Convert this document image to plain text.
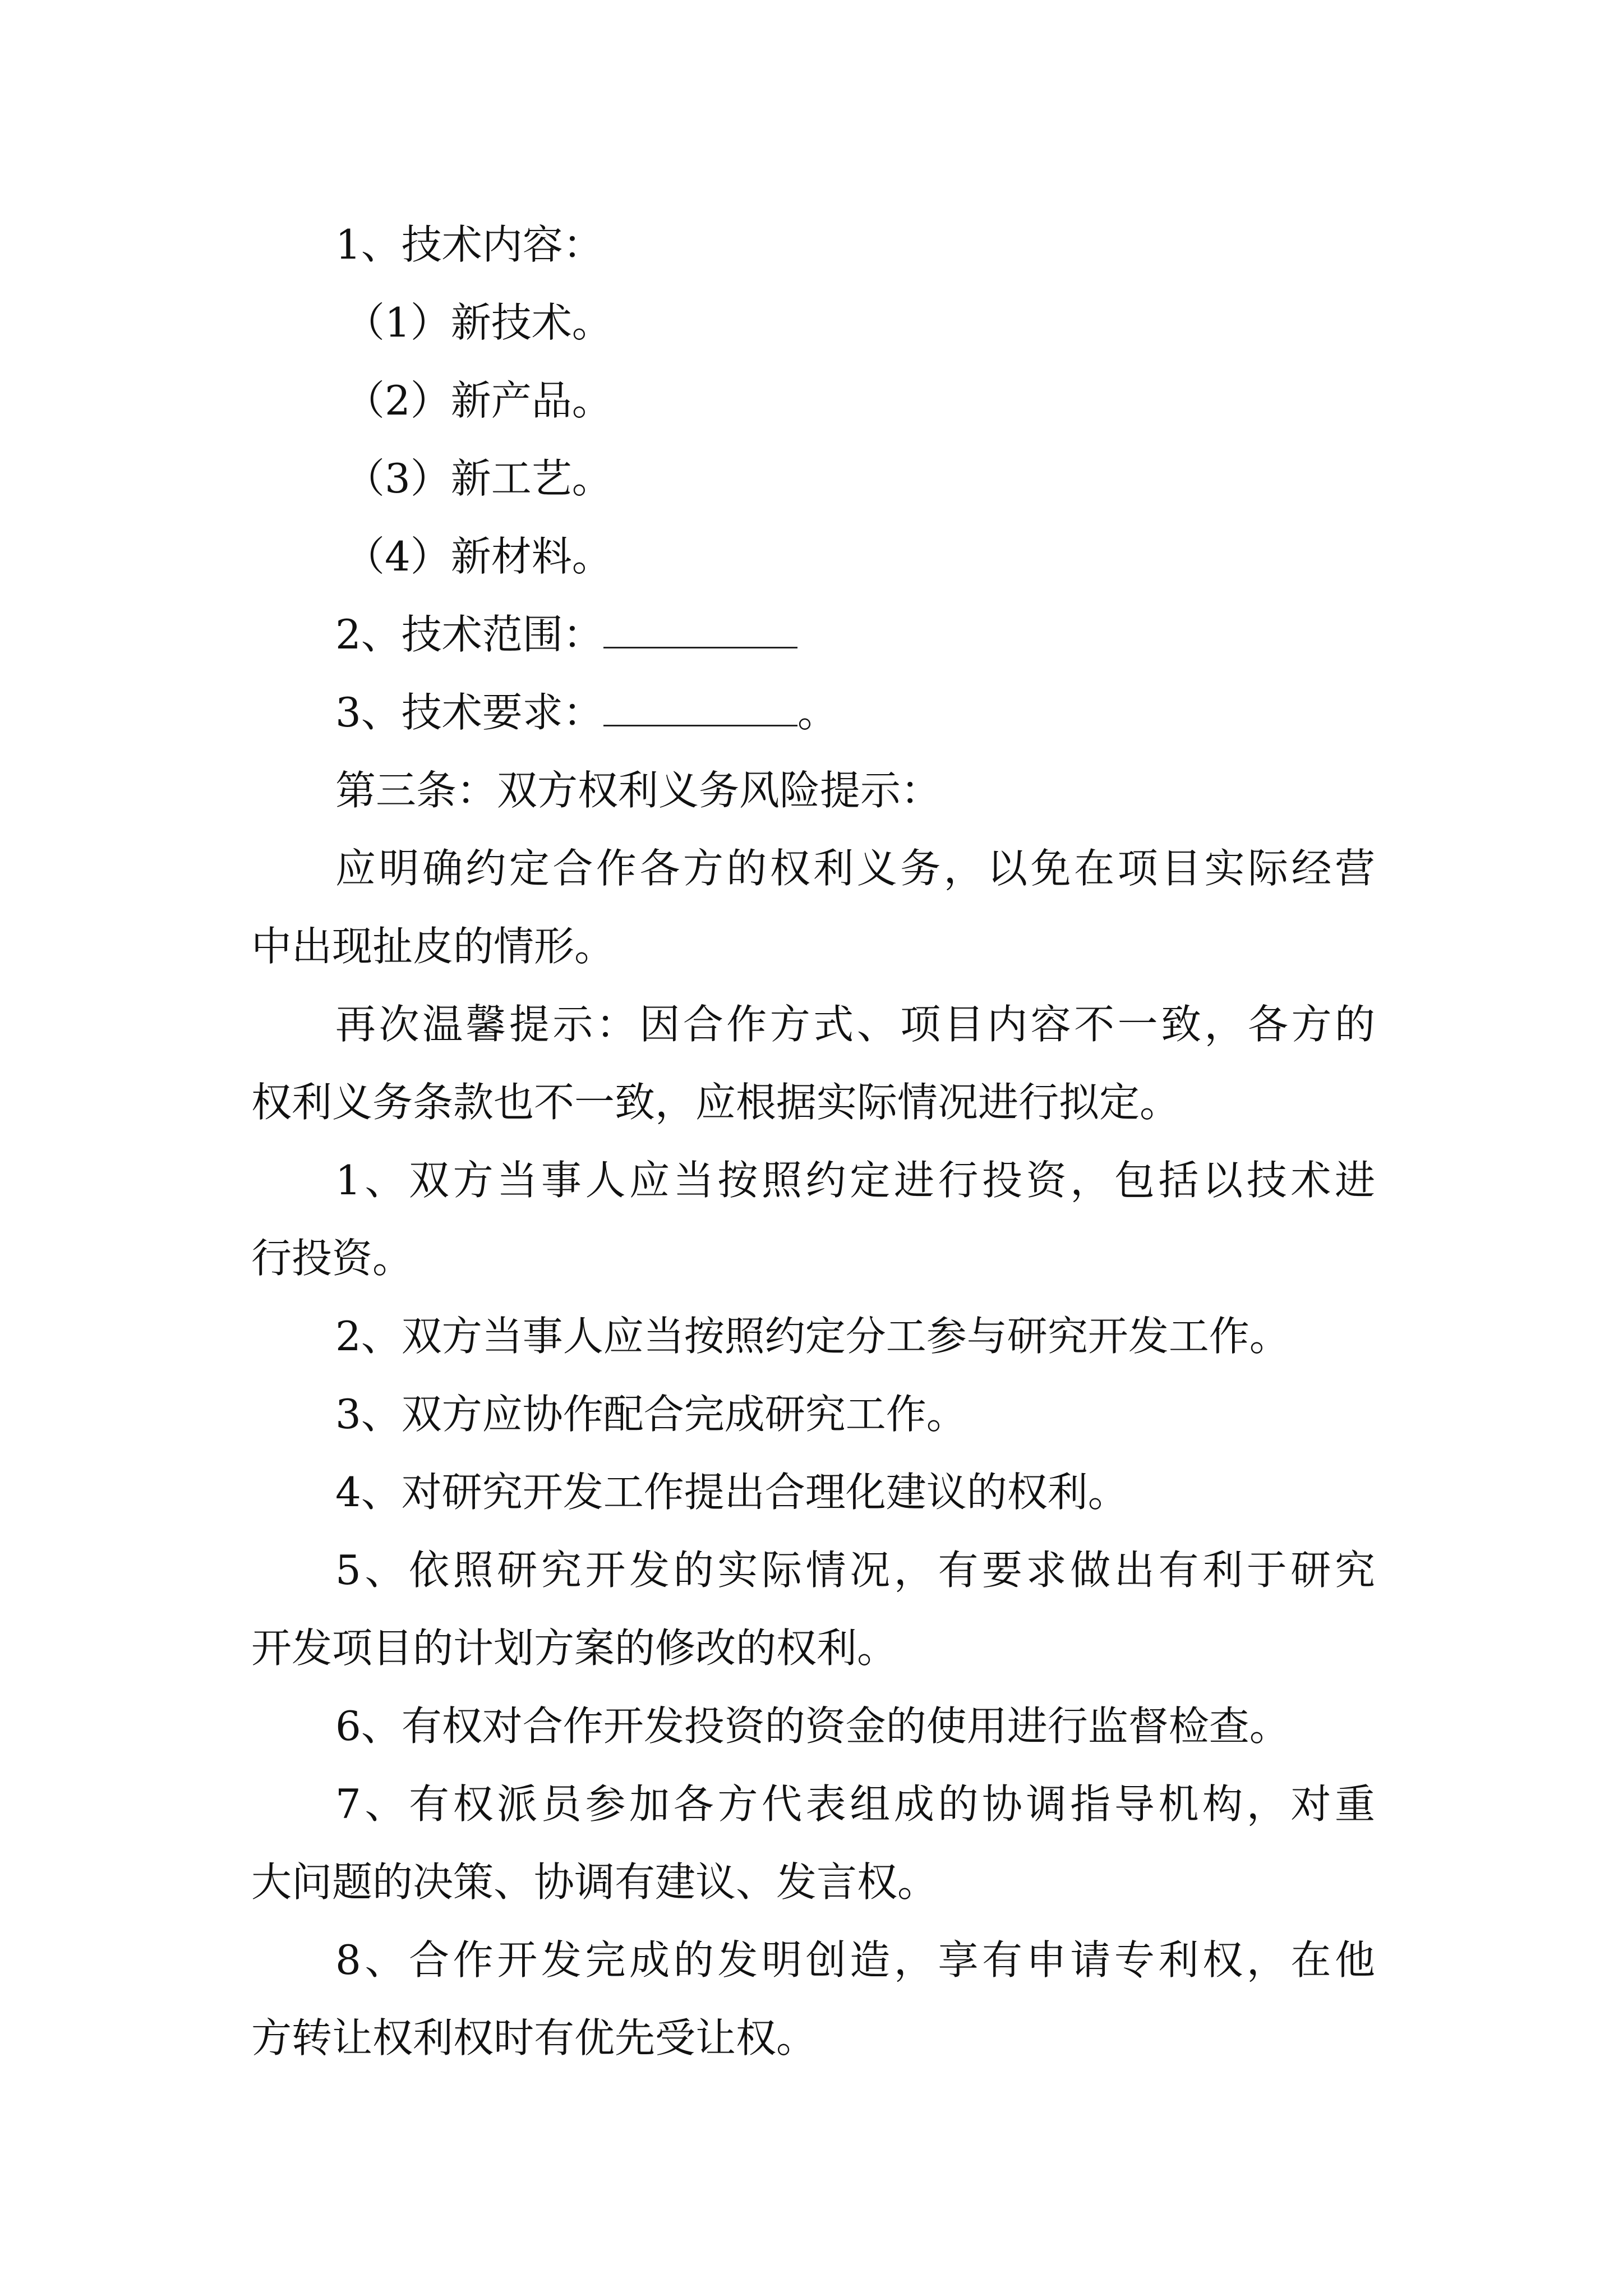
1、技术内容：
（1）新技术。
（2）新产品。
（3）新工艺。
（4）新材料。
2、技术范围：
3、技术要求：	。
第三条：双方权利义务风险提示：
应明确约定合作各方的权利义务，以免在项目实际经营
中出现扯皮的情形。
再次温馨提示：因合作方式、项目内容不一致，各方的
权利义务条款也不一致，应根据实际情况进行拟定。
1、双方当事人应当按照约定进行投资，包括以技术进
行投资。
2、双方当事人应当按照约定分工参与研究开发工作。
3、双方应协作配合完成研究工作。
4、对研究开发工作提出合理化建议的权利。
5、依照研究开发的实际情况，有要求做出有利于研究
开发项目的计划方案的修改的权利。
6、有权对合作开发投资的资金的使用进行监督检查。
7、有权派员参加各方代表组成的协调指导机构，对重
大问题的决策、协调有建议、发言权。
8、合作开发完成的发明创造，享有申请专利权，在他
方转让权利权时有优先受让权。
